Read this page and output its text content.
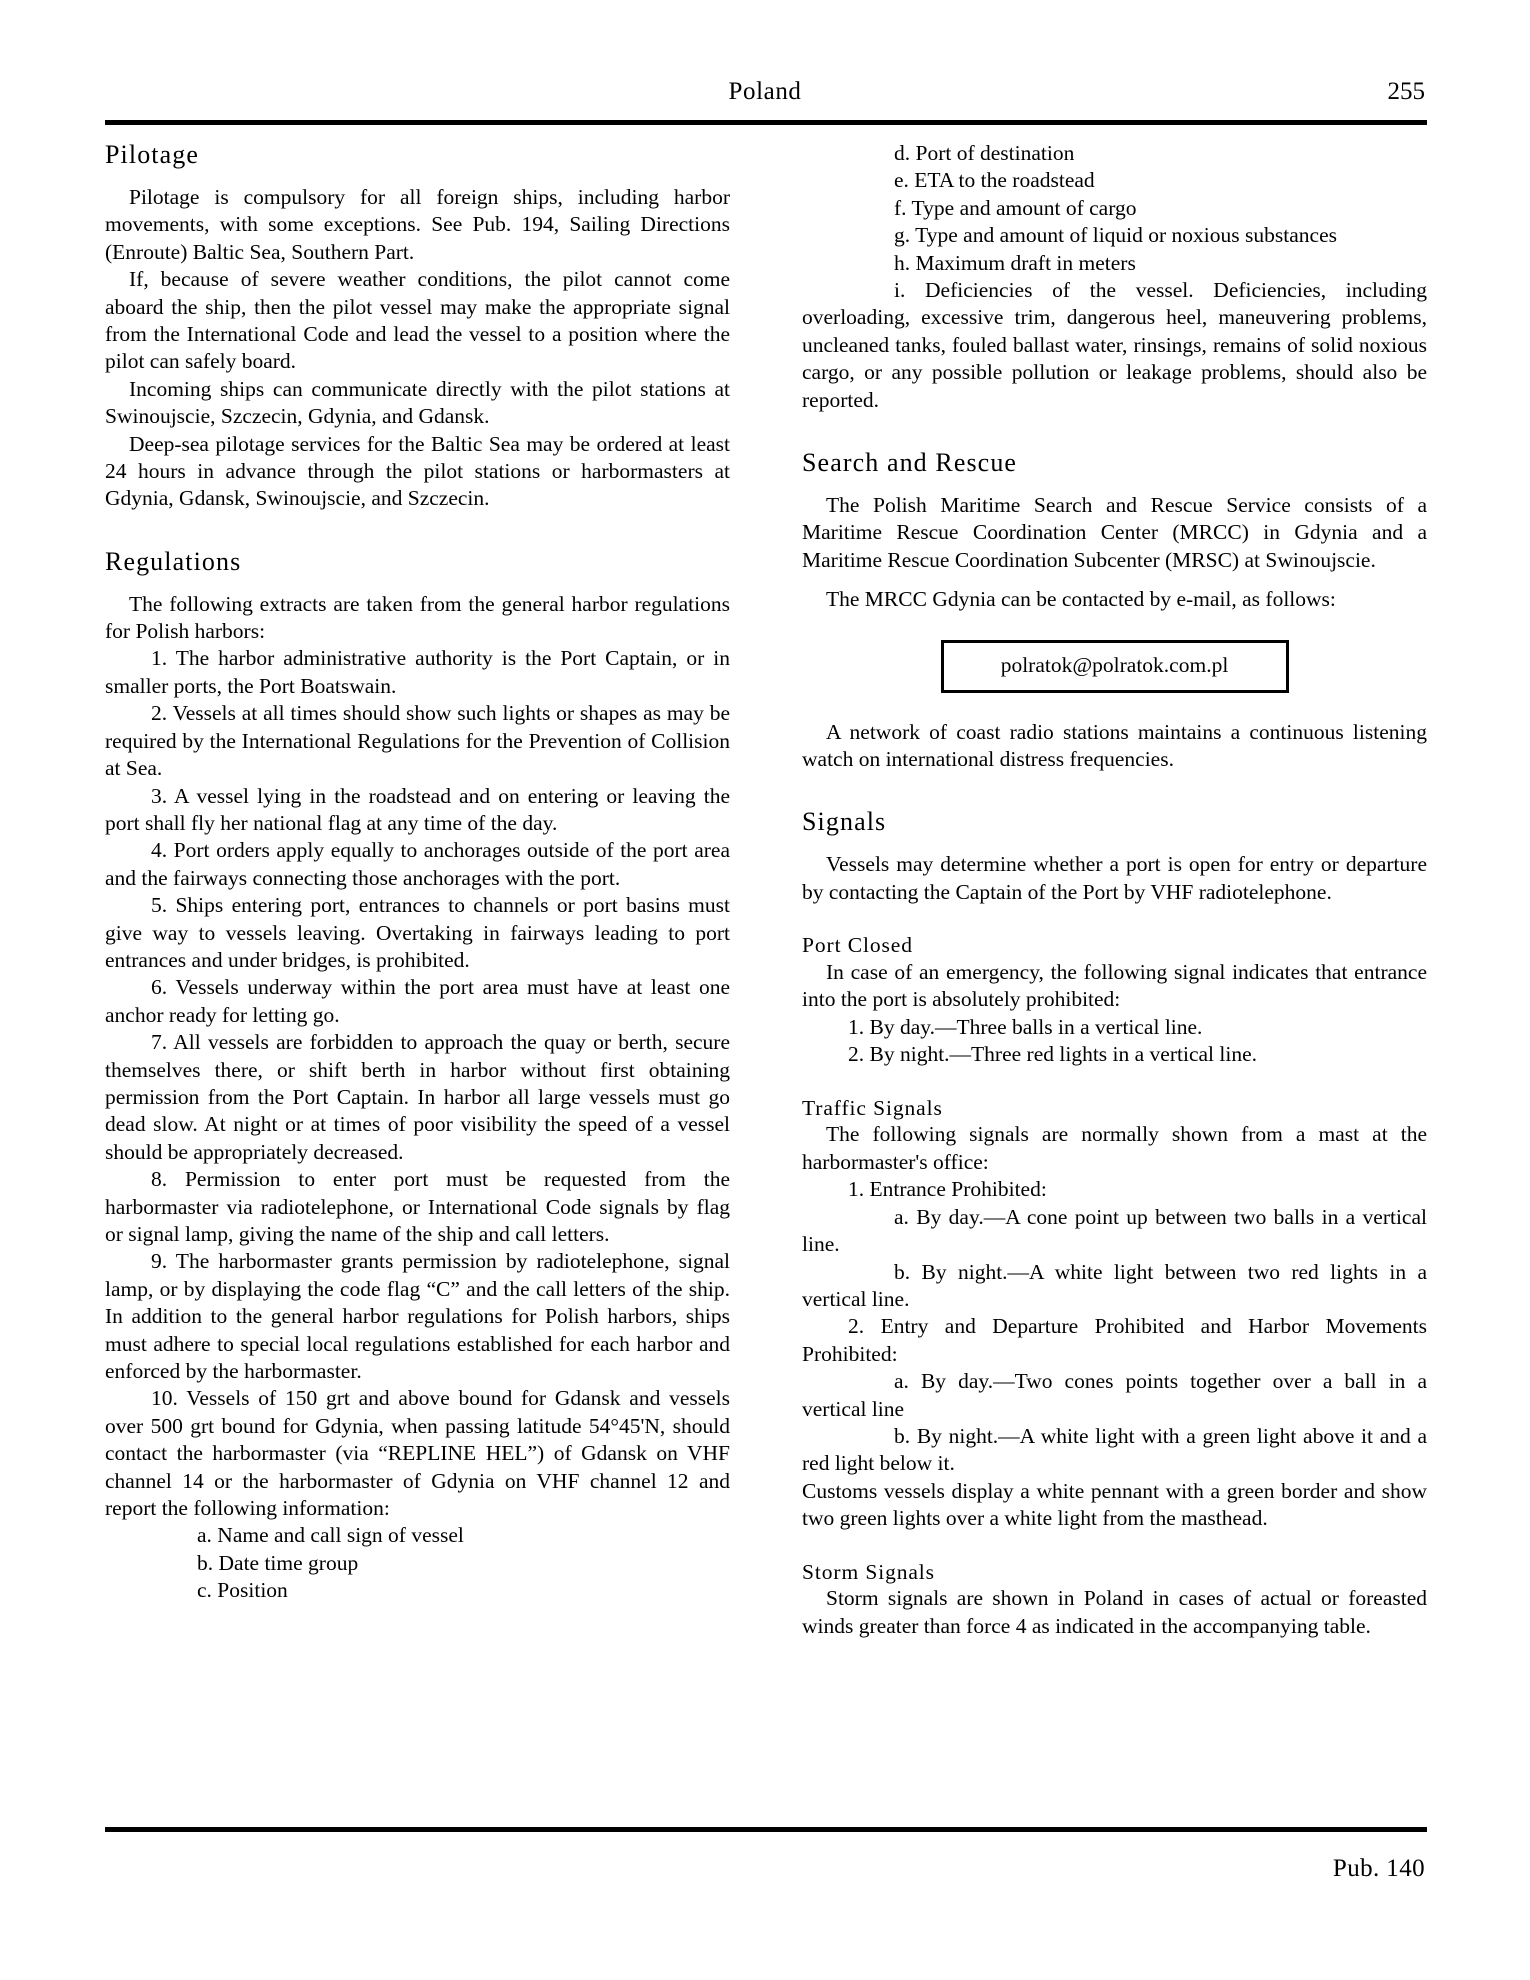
Poland	255
Pilotage

Pilotage is compulsory for all foreign ships, including harbor movements, with some exceptions. See Pub. 194, Sailing Directions (Enroute) Baltic Sea, Southern Part.

If, because of severe weather conditions, the pilot cannot come aboard the ship, then the pilot vessel may make the appropriate signal from the International Code and lead the vessel to a position where the pilot can safely board.

Incoming ships can communicate directly with the pilot stations at Swinoujscie, Szczecin, Gdynia, and Gdansk.

Deep-sea pilotage services for the Baltic Sea may be ordered at least 24 hours in advance through the pilot stations or harbormasters at Gdynia, Gdansk, Swinoujscie, and Szczecin.

Regulations

The following extracts are taken from the general harbor regulations for Polish harbors:

1. The harbor administrative authority is the Port Captain, or in smaller ports, the Port Boatswain.

2. Vessels at all times should show such lights or shapes as may be required by the International Regulations for the Prevention of Collision at Sea.

3. A vessel lying in the roadstead and on entering or leaving the port shall fly her national flag at any time of the day.

4. Port orders apply equally to anchorages outside of the port area and the fairways connecting those anchorages with the port.

5. Ships entering port, entrances to channels or port basins must give way to vessels leaving. Overtaking in fairways leading to port entrances and under bridges, is prohibited.

6. Vessels underway within the port area must have at least one anchor ready for letting go.

7. All vessels are forbidden to approach the quay or berth, secure themselves there, or shift berth in harbor without first obtaining permission from the Port Captain. In harbor all large vessels must go dead slow. At night or at times of poor visibility the speed of a vessel should be appropriately decreased.

8. Permission to enter port must be requested from the harbormaster via radiotelephone, or International Code signals by flag or signal lamp, giving the name of the ship and call letters.

9. The harbormaster grants permission by radiotelephone, signal lamp, or by displaying the code flag “C” and the call letters of the ship. In addition to the general harbor regulations for Polish harbors, ships must adhere to special local regulations established for each harbor and enforced by the harbormaster.

10. Vessels of 150 grt and above bound for Gdansk and vessels over 500 grt bound for Gdynia, when passing latitude 54°45'N, should contact the harbormaster (via “REPLINE HEL”) of Gdansk on VHF channel 14 or the harbormaster of Gdynia on VHF channel 12 and report the following information:

a. Name and call sign of vessel

b. Date time group

c. Position

d. Port of destination

e. ETA to the roadstead

f. Type and amount of cargo

g. Type and amount of liquid or noxious substances

h. Maximum draft in meters

i. Deficiencies of the vessel. Deficiencies, including overloading, excessive trim, dangerous heel, maneuvering problems, uncleaned tanks, fouled ballast water, rinsings, remains of solid noxious cargo, or any possible pollution or leakage problems, should also be reported.

Search and Rescue

The Polish Maritime Search and Rescue Service consists of a Maritime Rescue Coordination Center (MRCC) in Gdynia and a Maritime Rescue Coordination Subcenter (MRSC) at Swinoujscie.

The MRCC Gdynia can be contacted by e-mail, as follows:

polratok@polratok.com.pl

A network of coast radio stations maintains a continuous listening watch on international distress frequencies.

Signals

Vessels may determine whether a port is open for entry or departure by contacting the Captain of the Port by VHF radiotelephone.

Port Closed

In case of an emergency, the following signal indicates that entrance into the port is absolutely prohibited:

1. By day.—Three balls in a vertical line.

2. By night.—Three red lights in a vertical line.

Traffic Signals

The following signals are normally shown from a mast at the harbormaster's office:

1. Entrance Prohibited:

a. By day.—A cone point up between two balls in a vertical line.

b. By night.—A white light between two red lights in a vertical line.

2. Entry and Departure Prohibited and Harbor Movements Prohibited:

a. By day.—Two cones points together over a ball in a vertical line

b. By night.—A white light with a green light above it and a red light below it.

Customs vessels display a white pennant with a green border and show two green lights over a white light from the masthead.

Storm Signals

Storm signals are shown in Poland in cases of actual or foreasted winds greater than force 4 as indicated in the accompanying table.

Pub. 140
